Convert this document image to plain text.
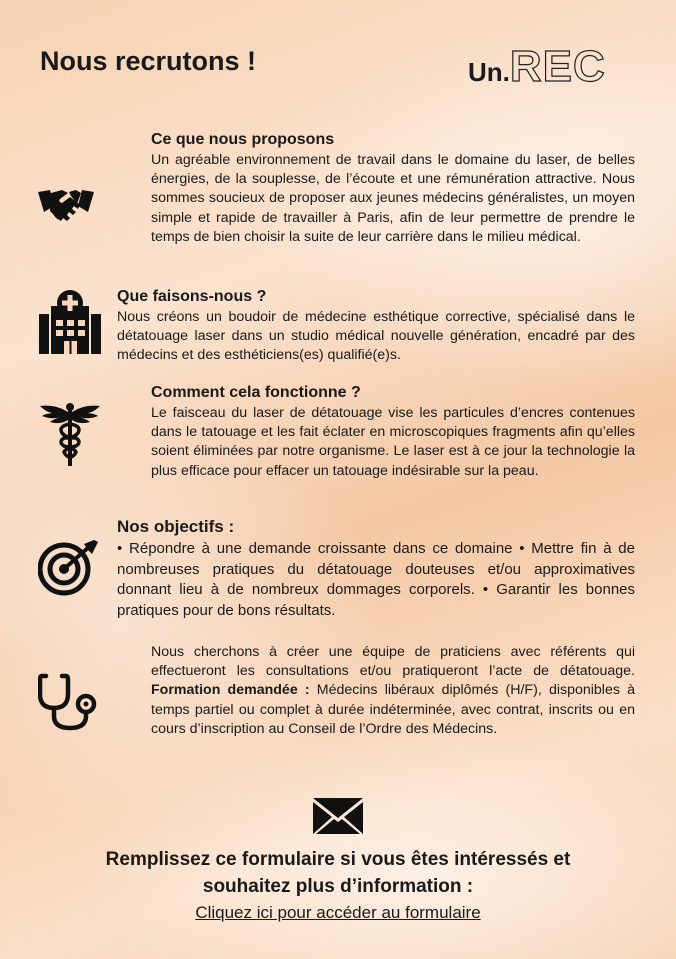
Nous recrutons !	Un.REC
Ce que nous proposons

Un agréable environnement de travail dans le domaine du laser, de belles énergies, de la souplesse, de l’écoute et une rémunération attractive. Nous sommes soucieux de proposer aux jeunes médecins généralistes, un moyen simple et rapide de travailler à Paris, afin de leur permettre de prendre le temps de bien choisir la suite de leur carrière dans le milieu médical.

Que faisons-nous ?

Nous créons un boudoir de médecine esthétique corrective, spécialisé dans le détatouage laser dans un studio médical nouvelle génération, encadré par des médecins et des esthéticiens(es) qualifié(e)s.

Comment cela fonctionne ?

Le faisceau du laser de détatouage vise les particules d’encres contenues dans le tatouage et les fait éclater en microscopiques fragments afin qu’elles soient éliminées par notre organisme. Le laser est à ce jour la technologie la plus efficace pour effacer un tatouage indésirable sur la peau.

Nos objectifs :

• Répondre à une demande croissante dans ce domaine • Mettre fin à de nombreuses pratiques du détatouage douteuses et/ou approximatives donnant lieu à de nombreux dommages corporels. • Garantir les bonnes pratiques pour de bons résultats.

Nous cherchons à créer une équipe de praticiens avec référents qui effectueront les consultations et/ou pratiqueront l’acte de détatouage. Formation demandée : Médecins libéraux diplômés (H/F), disponibles à temps partiel ou complet à durée indéterminée, avec contrat, inscrits ou en cours d’inscription au Conseil de l’Ordre des Médecins.

Remplissez ce formulaire si vous êtes intéressés et
souhaitez plus d’information :
Cliquez ici pour accéder au formulaire
